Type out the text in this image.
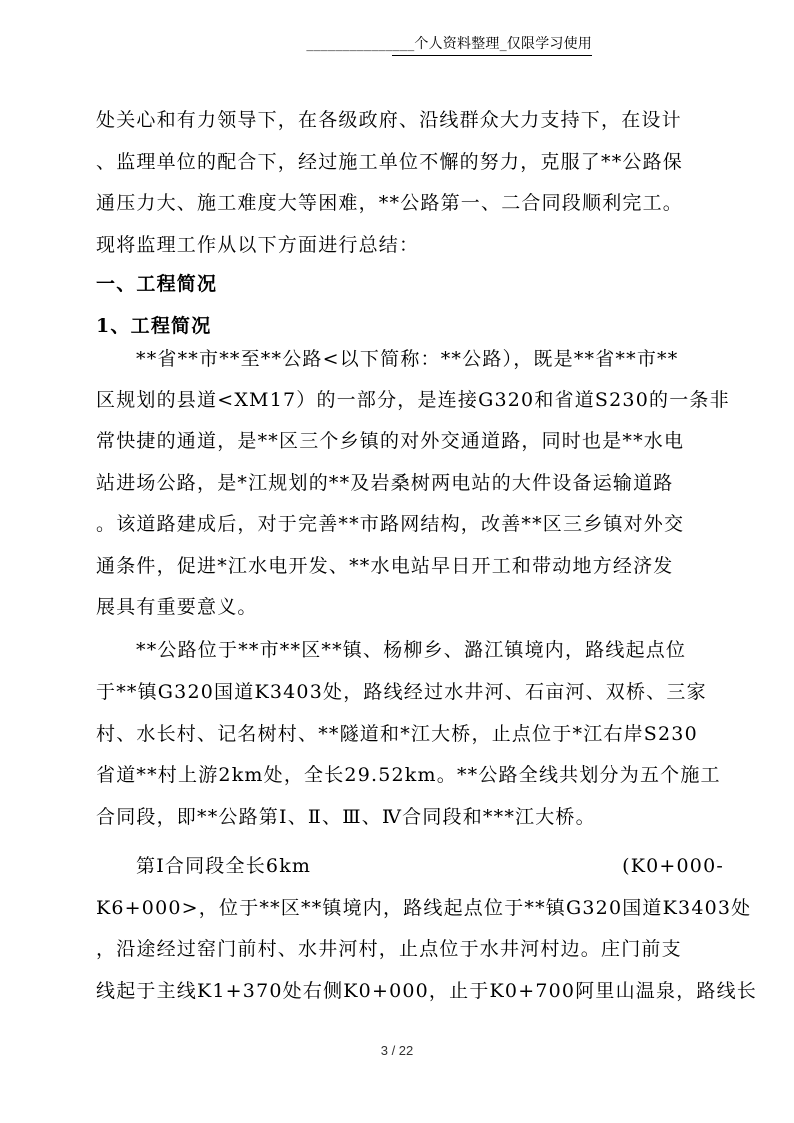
_______________个人资料整理_仅限学习使用
处关心和有力领导下，在各级政府、沿线群众大力支持下，在设计
、监理单位的配合下，经过施工单位不懈的努力，克服了**公路保
通压力大、施工难度大等困难，**公路第一、二合同段顺利完工。
现将监理工作从以下方面进行总结：
一、工程简况
1、工程简况
**省**市**至**公路<以下简称：**公路），既是**省**市**
区规划的县道<XM17）的一部分，是连接G320和省道S230的一条非
常快捷的通道，是**区三个乡镇的对外交通道路，同时也是**水电
站进场公路，是*江规划的**及岩桑树两电站的大件设备运输道路
。该道路建成后，对于完善**市路网结构，改善**区三乡镇对外交
通条件，促进*江水电开发、**水电站早日开工和带动地方经济发
展具有重要意义。
**公路位于**市**区**镇、杨柳乡、潞江镇境内，路线起点位
于**镇G320国道K3403处，路线经过水井河、石亩河、双桥、三家
村、水长村、记名树村、**隧道和*江大桥，止点位于*江右岸S230
省道**村上游2km处，全长29.52km。**公路全线共划分为五个施工
合同段，即**公路第Ⅰ、Ⅱ、Ⅲ、Ⅳ合同段和***江大桥。
第Ⅰ合同段全长6km	(K0+000-
K6+000>，位于**区**镇境内，路线起点位于**镇G320国道K3403处
，沿途经过窑门前村、水井河村，止点位于水井河村边。庄门前支
线起于主线K1+370处右侧K0+000，止于K0+700阿里山温泉，路线长
3 / 22
